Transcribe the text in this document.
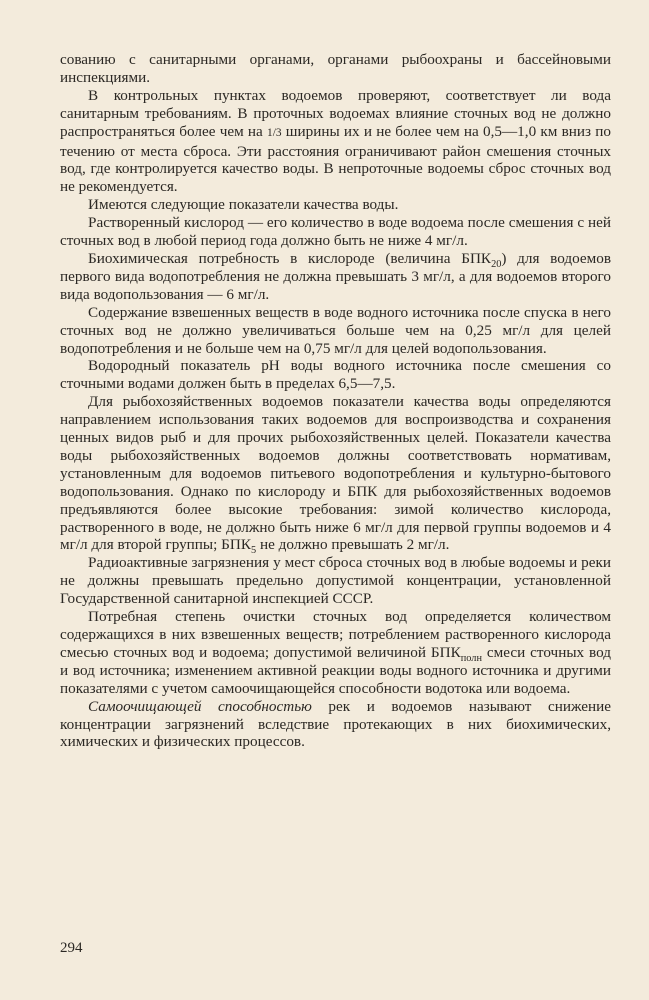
сованию с санитарными органами, органами рыбоохраны и бассейновыми инспекциями.

В контрольных пунктах водоемов проверяют, соответствует ли вода санитарным требованиям. В проточных водоемах влияние сточных вод не должно распространяться более чем на 1/3 ширины их и не более чем на 0,5—1,0 км вниз по течению от места сброса. Эти расстояния ограничивают район смешения сточных вод, где контролируется качество воды. В непроточные водоемы сброс сточных вод не рекомендуется.

Имеются следующие показатели качества воды.

Растворенный кислород — его количество в воде водоема после смешения с ней сточных вод в любой период года должно быть не ниже 4 мг/л.

Биохимическая потребность в кислороде (величина $БПК_{20}$) для водоемов первого вида водопотребления не должна превышать 3 мг/л, а для водоемов второго вида водопользования — 6 мг/л.

Содержание взвешенных веществ в воде водного источника после спуска в него сточных вод не должно увеличиваться больше чем на 0,25 мг/л для целей водопотребления и не больше чем на 0,75 мг/л для целей водопользования.

Водородный показатель pH воды водного источника после смешения со сточными водами должен быть в пределах 6,5—7,5.

Для рыбохозяйственных водоемов показатели качества воды определяются направлением использования таких водоемов для воспроизводства и сохранения ценных видов рыб и для прочих рыбохозяйственных целей. Показатели качества воды рыбохозяйственных водоемов должны соответствовать нормативам, установленным для водоемов питьевого водопотребления и культурно-бытового водопользования. Однако по кислороду и БПК для рыбохозяйственных водоемов предъявляются более высокие требования: зимой количество кислорода, растворенного в воде, не должно быть ниже 6 мг/л для первой группы водоемов и 4 мг/л для второй группы; $БПК_5$ не должно превышать 2 мг/л.

Радиоактивные загрязнения у мест сброса сточных вод в любые водоемы и реки не должны превышать предельно допустимой концентрации, установленной Государственной санитарной инспекцией СССР.

Потребная степень очистки сточных вод определяется количеством содержащихся в них взвешенных веществ; потреблением растворенного кислорода смесью сточных вод и водоема; допустимой величиной $БПК_{полн}$ смеси сточных вод и вод источника; изменением активной реакции воды водного источника и другими показателями с учетом самоочищающейся способности водотока или водоема.

Самоочищающей способностью рек и водоемов называют снижение концентрации загрязнений вследствие протекающих в них биохимических, химических и физических процессов.

294
